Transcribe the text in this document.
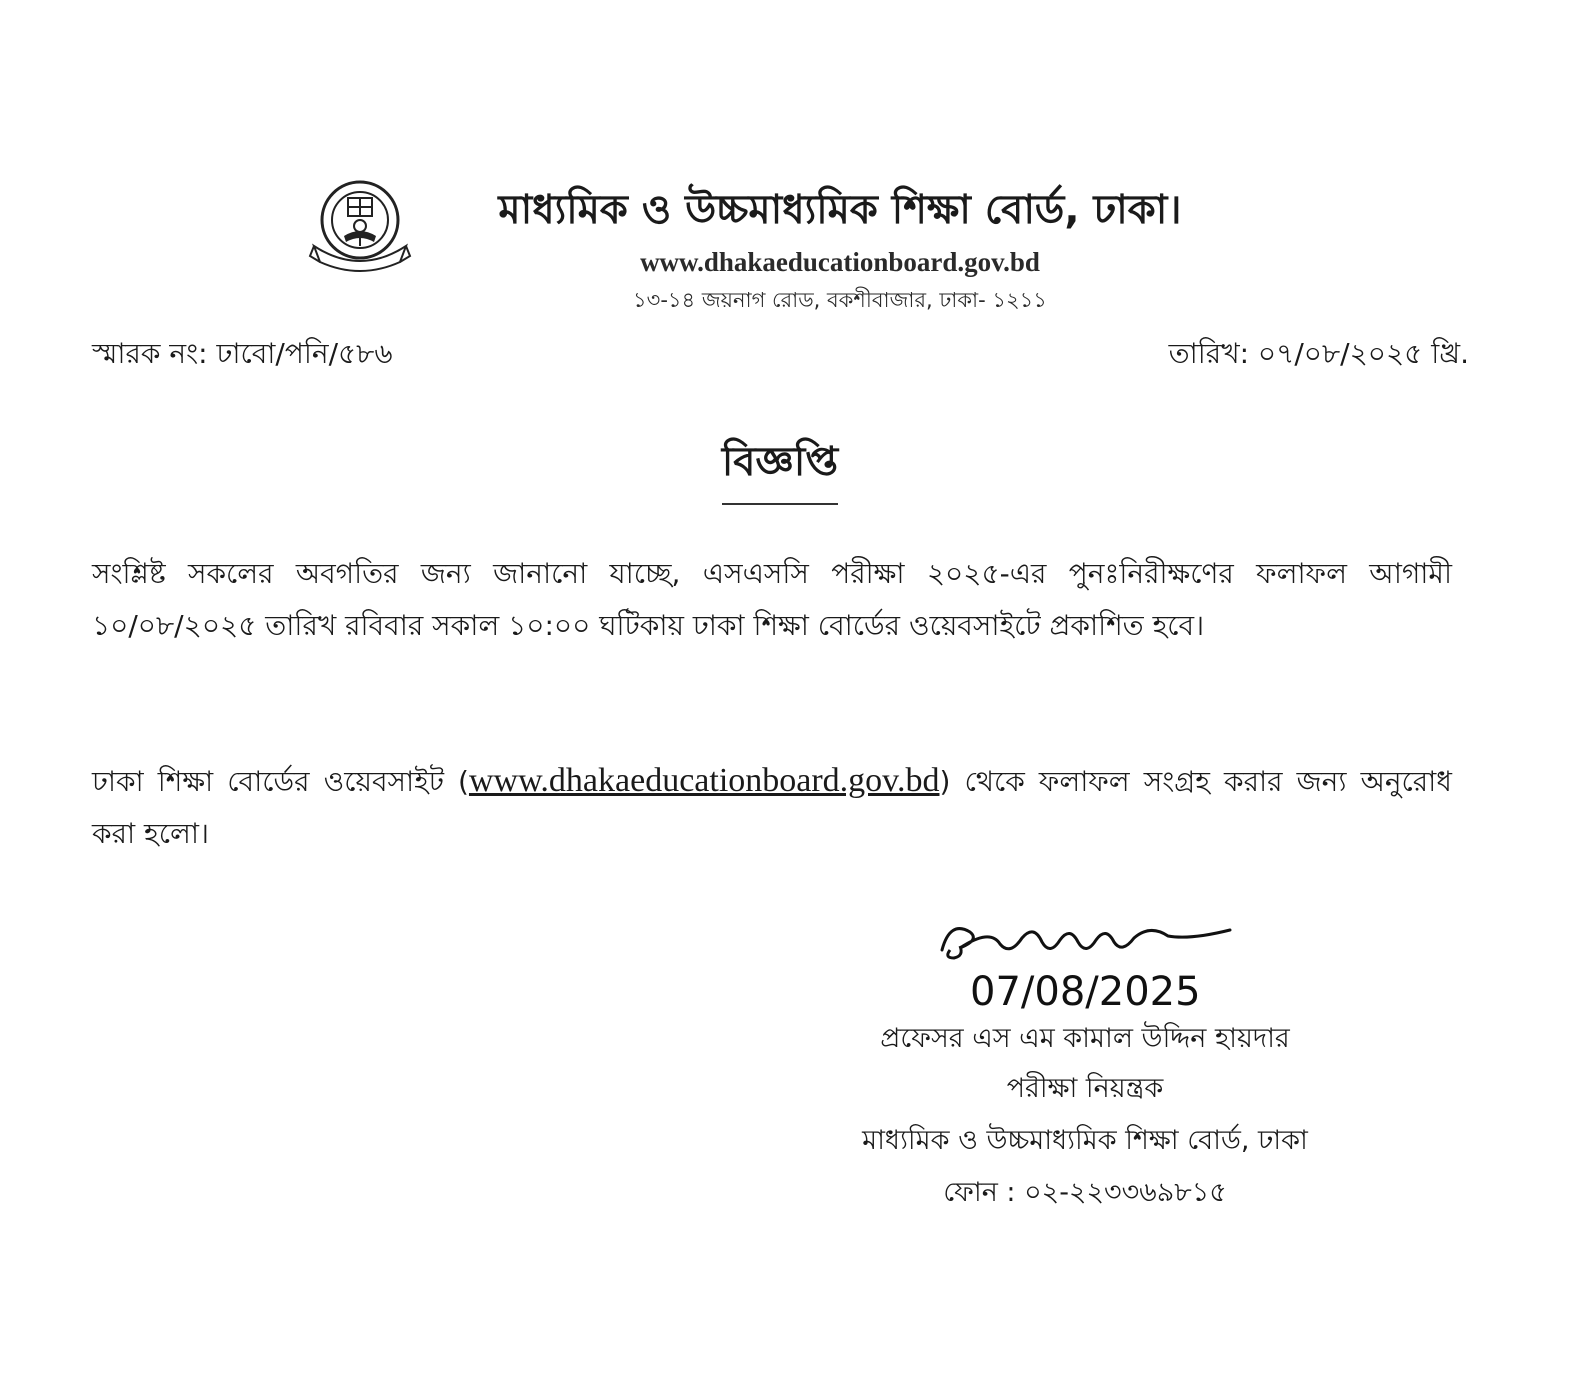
মাধ্যমিক ও উচ্চমাধ্যমিক শিক্ষা বোর্ড, ঢাকা।
www.dhakaeducationboard.gov.bd
১৩-১৪ জয়নাগ রোড, বকশীবাজার, ঢাকা- ১২১১
স্মারক নং: ঢাবো/পনি/৫৮৬	তারিখ: ০৭/০৮/২০২৫ খ্রি.
বিজ্ঞপ্তি
সংশ্লিষ্ট সকলের অবগতির জন্য জানানো যাচ্ছে, এসএসসি পরীক্ষা ২০২৫-এর পুনঃনিরীক্ষণের ফলাফল আগামী ১০/০৮/২০২৫ তারিখ রবিবার সকাল ১০:০০ ঘটিকায় ঢাকা শিক্ষা বোর্ডের ওয়েবসাইটে প্রকাশিত হবে।
ঢাকা শিক্ষা বোর্ডের ওয়েবসাইট (www.dhakaeducationboard.gov.bd) থেকে ফলাফল সংগ্রহ করার জন্য অনুরোধ করা হলো।
07/08/2025
প্রফেসর এস এম কামাল উদ্দিন হায়দার
পরীক্ষা নিয়ন্ত্রক
মাধ্যমিক ও উচ্চমাধ্যমিক শিক্ষা বোর্ড, ঢাকা
ফোন : ০২-২২৩৩৬৯৮১৫
